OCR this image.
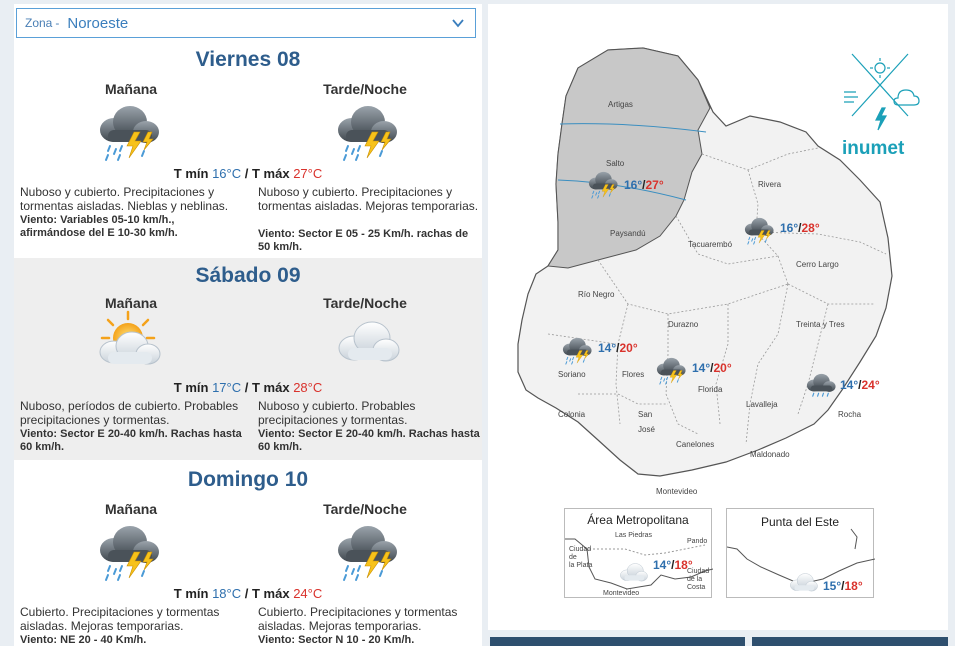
Zona - Noroeste
Viernes 08
Mañana	Tarde/Noche
T mín 16°C / T máx 27°C
Nuboso y cubierto. Precipitaciones y tormentas aisladas. Nieblas y neblinas.
Viento: Variables 05-10 km/h., afirmándose del E 10-30 km/h.
Nuboso y cubierto. Precipitaciones y tormentas aisladas. Mejoras temporarias.
Viento: Sector E 05 - 25 Km/h. rachas de 50 km/h.
Sábado 09
Mañana	Tarde/Noche
T mín 17°C / T máx 28°C
Nuboso, períodos de cubierto. Probables precipitaciones y tormentas.
Viento: Sector E 20-40 km/h. Rachas hasta 60 km/h.
Nuboso y cubierto. Probables precipitaciones y tormentas.
Viento: Sector E 20-40 km/h. Rachas hasta 60 km/h.
Domingo 10
Mañana	Tarde/Noche
T mín 18°C / T máx 24°C
Cubierto. Precipitaciones y tormentas aisladas. Mejoras temporarias.
Viento: NE 20 - 40 Km/h.
Cubierto. Precipitaciones y tormentas aisladas. Mejoras temporarias.
Viento: Sector N 10 - 20 Km/h.
Artigas
Salto
Paysandú
Rivera
Tacuarembó
Cerro Largo
Río Negro
Durazno	Treinta y Tres
Soriano	Flores
Florida
Lavalleja
Rocha
Colonia	San
José
Canelones
Maldonado
Montevideo
16°/27°
16°/28°
14°/20°
14°/20°
14°/24°
inumet
Área Metropolitana
Las Piedras
Pando
Ciudad
de
la Plata
Ciudad
de la
Costa
Montevideo
14°/18°
Punta del Este
15°/18°
